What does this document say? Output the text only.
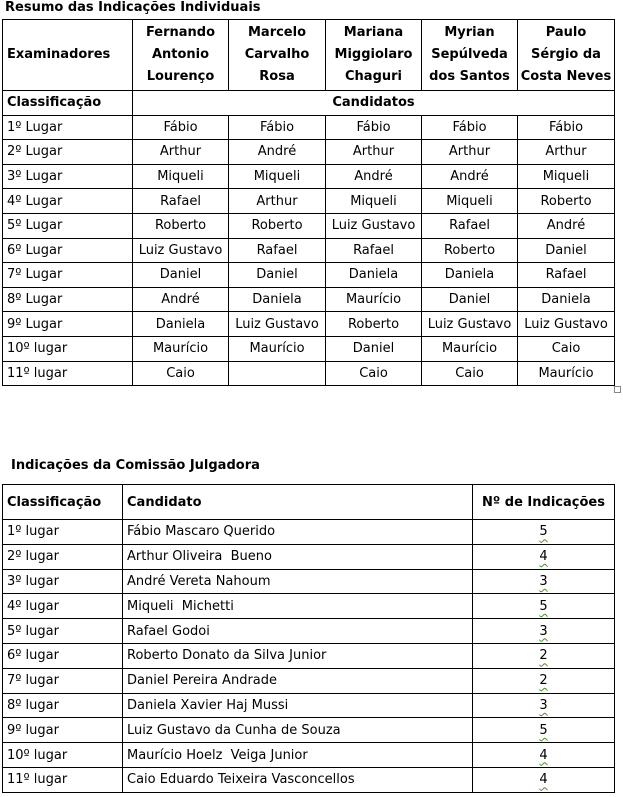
Resumo das Indicações Individuais
Examinadores	Fernando Antonio Lourenço	Marcelo Carvalho Rosa	Mariana Miggiolaro Chaguri	Myrian Sepúlveda dos Santos	Paulo Sérgio da Costa Neves
Classificação	Candidatos				
1º Lugar	Fábio	Fábio	Fábio	Fábio	Fábio
2º Lugar	Arthur	André	Arthur	Arthur	Arthur
3º Lugar	Miqueli	Miqueli	André	André	Miqueli
4º Lugar	Rafael	Arthur	Miqueli	Miqueli	Roberto
5º Lugar	Roberto	Roberto	Luiz Gustavo	Rafael	André
6º Lugar	Luiz Gustavo	Rafael	Rafael	Roberto	Daniel
7º Lugar	Daniel	Daniel	Daniela	Daniela	Rafael
8º Lugar	André	Daniela	Maurício	Daniel	Daniela
9º Lugar	Daniela	Luiz Gustavo	Roberto	Luiz Gustavo	Luiz Gustavo
10º lugar	Maurício	Maurício	Daniel	Maurício	Caio
11º lugar	Caio		Caio	Caio	Maurício
Indicações da Comissão Julgadora
Classificação	Candidato	Nº de Indicações
1º lugar	Fábio Mascaro Querido	5
2º lugar	Arthur Oliveira  Bueno	4
3º lugar	André Vereta Nahoum	3
4º lugar	Miqueli  Michetti	5
5º lugar	Rafael Godoi	3
6º lugar	Roberto Donato da Silva Junior	2
7º lugar	Daniel Pereira Andrade	2
8º lugar	Daniela Xavier Haj Mussi	3
9º lugar	Luiz Gustavo da Cunha de Souza	5
10º lugar	Maurício Hoelz  Veiga Junior	4
11º lugar	Caio Eduardo Teixeira Vasconcellos	4
